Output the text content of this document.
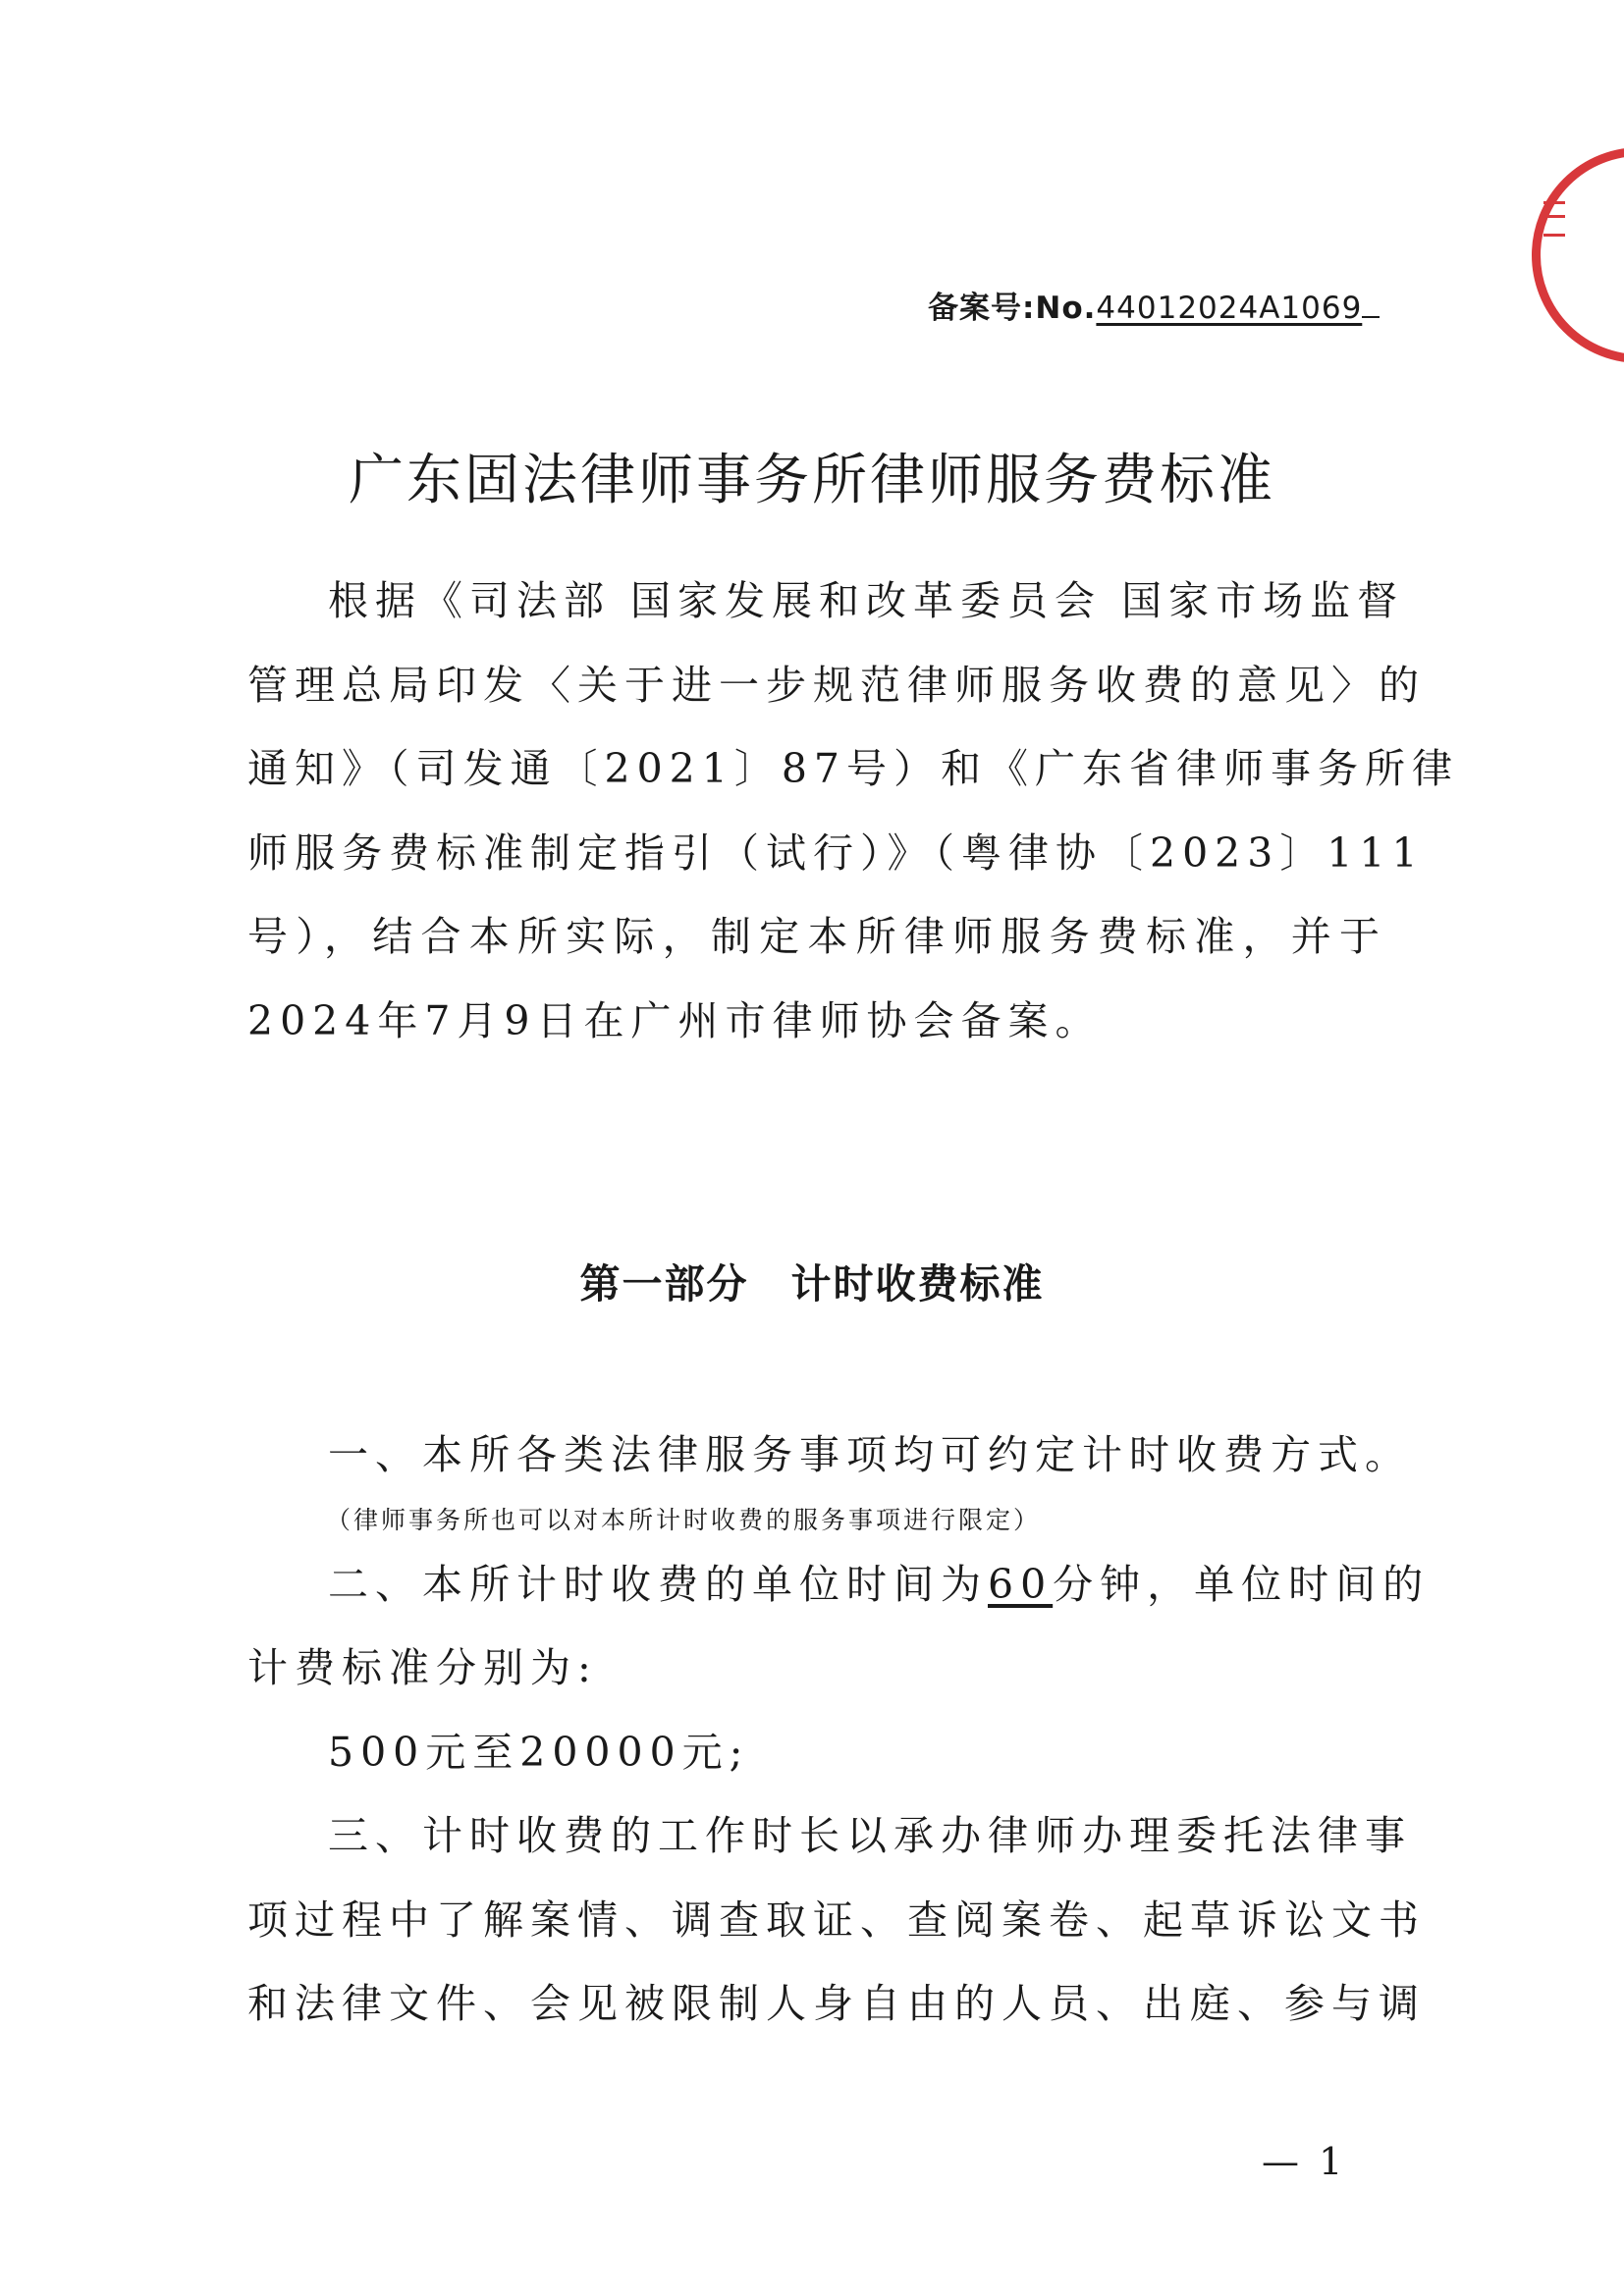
备案号:No.44012024A1069
广东固法律师事务所律师服务费标准
根据《司法部 国家发展和改革委员会 国家市场监督
管理总局印发〈关于进一步规范律师服务收费的意见〉的
通知》（司发通〔2021〕87号）和《广东省律师事务所律
师服务费标准制定指引（试行）》（粤律协〔2023〕111
号），结合本所实际，制定本所律师服务费标准，并于
2024年7月9日在广州市律师协会备案。
第一部分　计时收费标准
一、本所各类法律服务事项均可约定计时收费方式。
（律师事务所也可以对本所计时收费的服务事项进行限定）
二、本所计时收费的单位时间为60分钟，单位时间的
计费标准分别为:
500元至20000元;
三、计时收费的工作时长以承办律师办理委托法律事
项过程中了解案情、调查取证、查阅案卷、起草诉讼文书
和法律文件、会见被限制人身自由的人员、出庭、参与调
— 1
